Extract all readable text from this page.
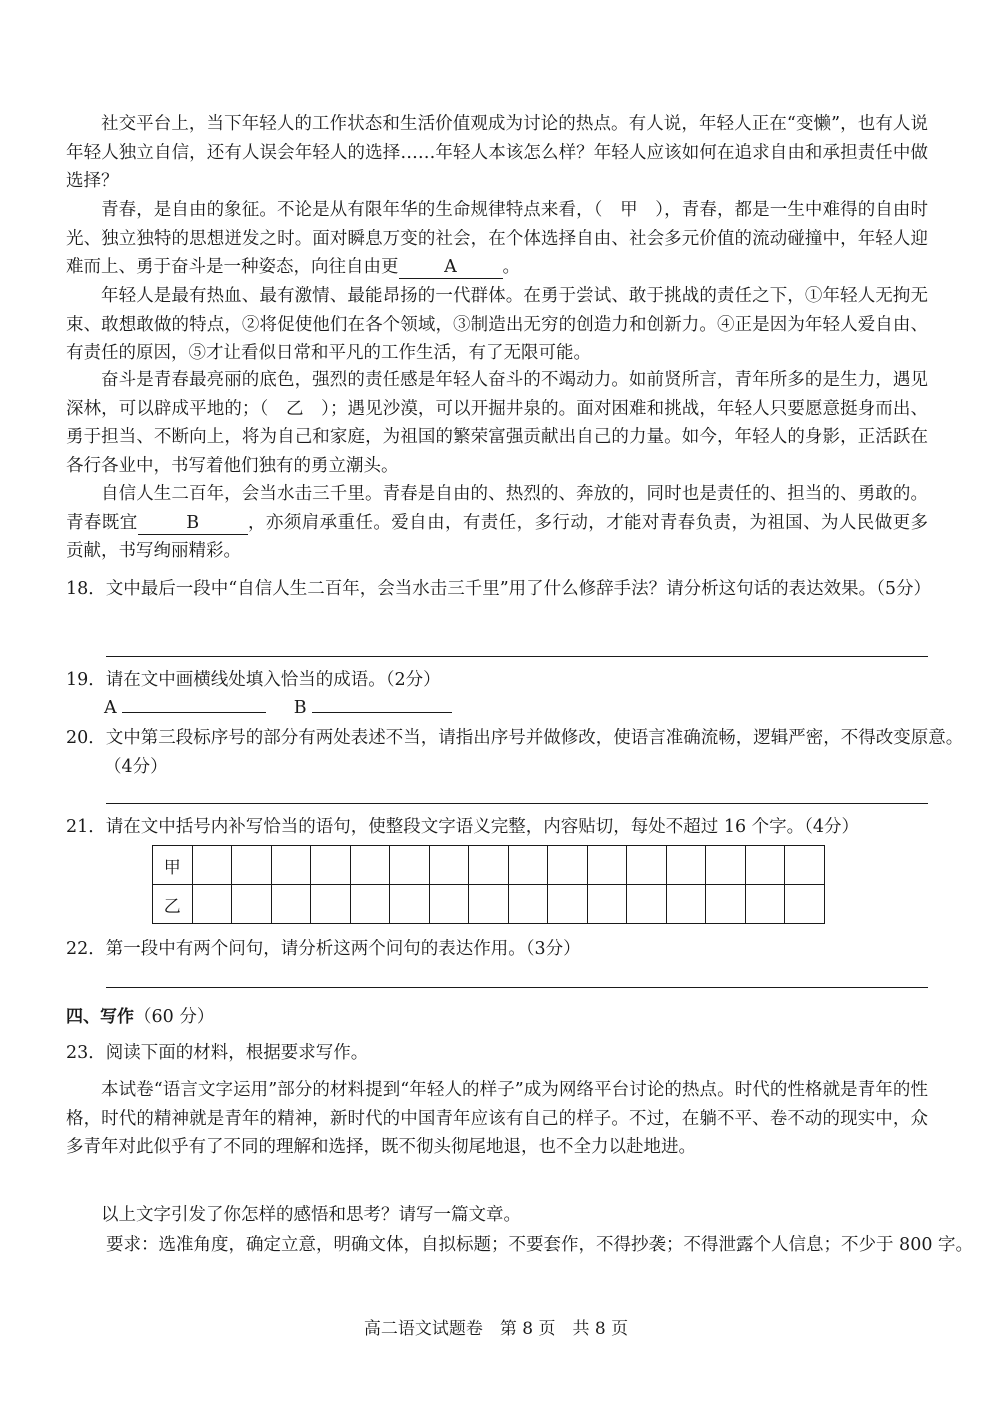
社交平台上，当下年轻人的工作状态和生活价值观成为讨论的热点。有人说，年轻人正在“变懒”，也有人说年轻人独立自信，还有人误会年轻人的选择……年轻人本该怎么样？年轻人应该如何在追求自由和承担责任中做选择？

青春，是自由的象征。不论是从有限年华的生命规律特点来看，（　甲　），青春，都是一生中难得的自由时光、独立独特的思想迸发之时。面对瞬息万变的社会，在个体选择自由、社会多元价值的流动碰撞中，年轻人迎难而上、勇于奋斗是一种姿态，向往自由更	A	。

年轻人是最有热血、最有激情、最能昂扬的一代群体。在勇于尝试、敢于挑战的责任之下，①年轻人无拘无束、敢想敢做的特点，②将促使他们在各个领域，③制造出无穷的创造力和创新力。④正是因为年轻人爱自由、有责任的原因，⑤才让看似日常和平凡的工作生活，有了无限可能。

奋斗是青春最亮丽的底色，强烈的责任感是年轻人奋斗的不竭动力。如前贤所言，青年所多的是生力，遇见深林，可以辟成平地的；（　乙　）；遇见沙漠，可以开掘井泉的。面对困难和挑战，年轻人只要愿意挺身而出、勇于担当、不断向上，将为自己和家庭，为祖国的繁荣富强贡献出自己的力量。如今，年轻人的身影，正活跃在各行各业中，书写着他们独有的勇立潮头。

自信人生二百年，会当水击三千里。青春是自由的、热烈的、奔放的，同时也是责任的、担当的、勇敢的。青春既宜	B	，亦须肩承重任。爱自由，有责任，多行动，才能对青春负责，为祖国、为人民做更多贡献，书写绚丽精彩。

18．文中最后一段中“自信人生二百年，会当水击三千里”用了什么修辞手法？请分析这句话的表达效果。（5分）

19．请在文中画横线处填入恰当的成语。（2分）

A	B

20．文中第三段标序号的部分有两处表述不当，请指出序号并做修改，使语言准确流畅，逻辑严密，不得改变原意。（4分）

21．请在文中括号内补写恰当的语句，使整段文字语义完整，内容贴切，每处不超过 16 个字。（4分）

甲																
乙																

22．第一段中有两个问句，请分析这两个问句的表达作用。（3分）

四、写作（60 分）

23．阅读下面的材料，根据要求写作。

本试卷“语言文字运用”部分的材料提到“年轻人的样子”成为网络平台讨论的热点。时代的性格就是青年的性格，时代的精神就是青年的精神，新时代的中国青年应该有自己的样子。不过，在躺不平、卷不动的现实中，众多青年对此似乎有了不同的理解和选择，既不彻头彻尾地退，也不全力以赴地进。

以上文字引发了你怎样的感悟和思考？请写一篇文章。

要求：选准角度，确定立意，明确文体，自拟标题；不要套作，不得抄袭；不得泄露个人信息；不少于 800 字。

高二语文试题卷　第 8 页　共 8 页
